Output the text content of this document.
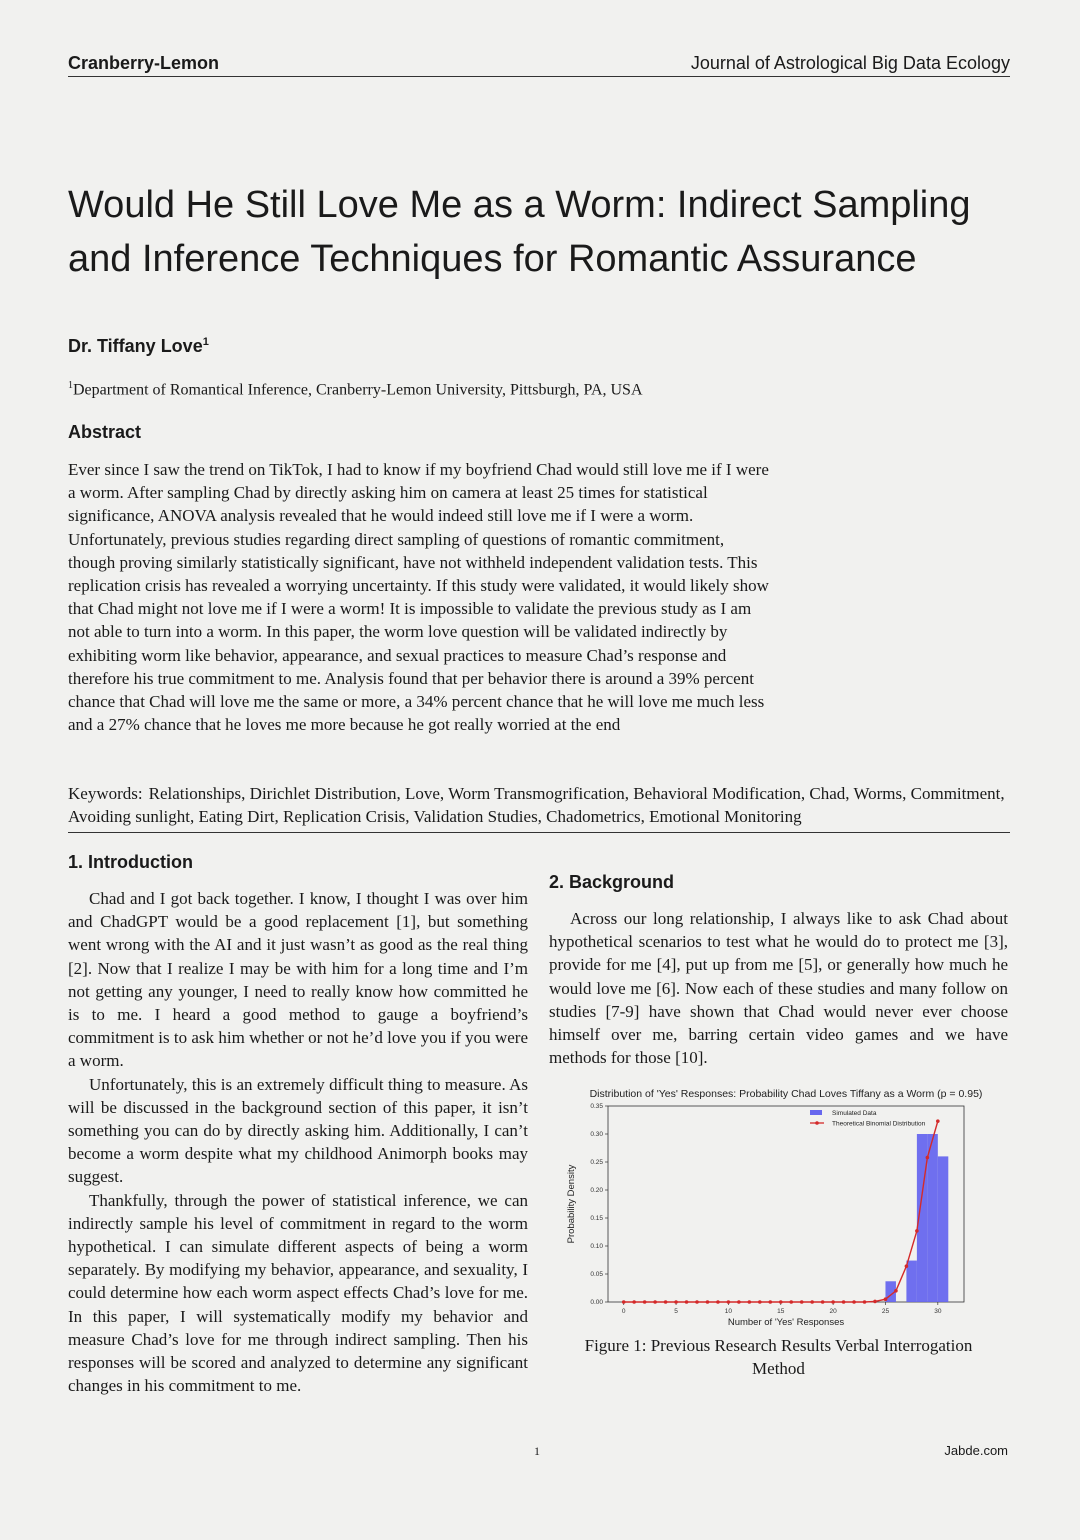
Cranberry-Lemon	Journal of Astrological Big Data Ecology
Would He Still Love Me as a Worm: Indirect Sampling
and Inference Techniques for Romantic Assurance
Dr. Tiffany Love$^1$
$^1$Department of Romantical Inference, Cranberry-Lemon University, Pittsburgh, PA, USA
Abstract

Ever since I saw the trend on TikTok, I had to know if my boyfriend Chad would still love me if I were a worm. After sampling Chad by directly asking him on camera at least 25 times for statistical significance, ANOVA analysis revealed that he would indeed still love me if I were a worm. Unfortunately, previous studies regarding direct sampling of questions of romantic commitment, though proving similarly statistically significant, have not withheld independent validation tests. This replication crisis has revealed a worrying uncertainty. If this study were validated, it would likely show that Chad might not love me if I were a worm! It is impossible to validate the previous study as I am not able to turn into a worm. In this paper, the worm love question will be validated indirectly by exhibiting worm like behavior, appearance, and sexual practices to measure Chad’s response and therefore his true commitment to me. Analysis found that per behavior there is around a 39% percent chance that Chad will love me the same or more, a 34% percent chance that he will love me much less and a 27% chance that he loves me more because he got really worried at the end

Keywords: Relationships, Dirichlet Distribution, Love, Worm Transmogrification, Behavioral Modification, Chad, Worms, Commitment, Avoiding sunlight, Eating Dirt, Replication Crisis, Validation Studies, Chadometrics, Emotional Monitoring

1. Introduction

Chad and I got back together. I know, I thought I was over him and ChadGPT would be a good replacement [1], but something went wrong with the AI and it just wasn’t as good as the real thing [2]. Now that I realize I may be with him for a long time and I’m not getting any younger, I need to really know how committed he is to me. I heard a good method to gauge a boyfriend’s commitment is to ask him whether or not he’d love you if you were a worm.

Unfortunately, this is an extremely difficult thing to measure. As will be discussed in the background section of this paper, it isn’t something you can do by directly asking him. Additionally, I can’t become a worm despite what my childhood Animorph books may suggest.

Thankfully, through the power of statistical inference, we can indirectly sample his level of commitment in regard to the worm hypothetical. I can simulate different aspects of being a worm separately. By modifying my behavior, appearance, and sexuality, I could determine how each worm aspect effects Chad’s love for me. In this paper, I will systematically modify my behavior and measure Chad’s love for me through indirect sampling. Then his responses will be scored and analyzed to determine any significant changes in his commitment to me.

2. Background

Across our long relationship, I always like to ask Chad about hypothetical scenarios to test what he would do to protect me [3], provide for me [4], put up from me [5], or generally how much he would love me [6]. Now each of these studies and many follow on studies [7-9] have shown that Chad would never ever choose himself over me, barring certain video games and we have methods for those [10].

Distribution of 'Yes' Responses: Probability Chad Loves Tiffany as a Worm (p = 0.95)
0.00
0.05
0.10
0.15
0.20
0.25
0.30
0.35
0	5	10	15	20	25	30
Probability Density
Number of 'Yes' Responses
Simulated Data
Theoretical Binomial Distribution
Figure 1: Previous Research Results Verbal Interrogation
Method
1	Jabde.com
